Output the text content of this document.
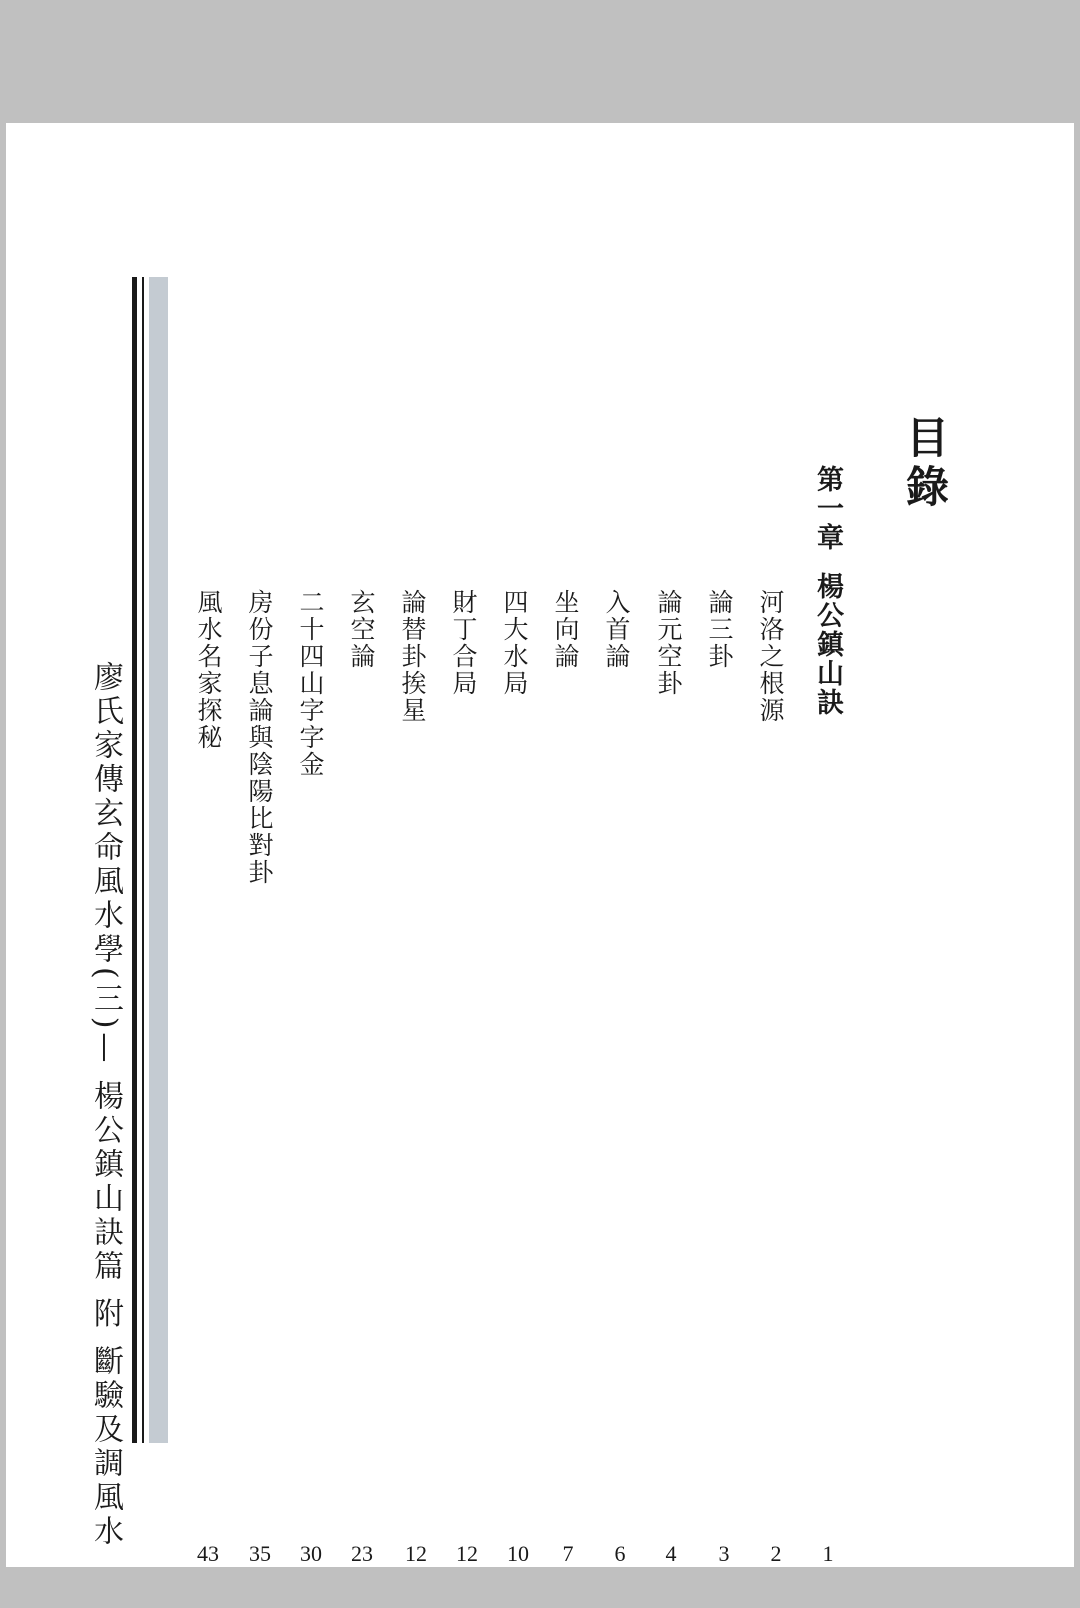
目錄
第一章楊公鎮山訣
河洛之根源
論三卦
論元空卦
入首論
坐向論
四大水局
財丁合局
論替卦挨星
玄空論
二十四山字字金
房份子息論與陰陽比對卦
風水名家探秘
1
2
3
4
6
7
10
12
12
23
30
35
43
廖氏家傳玄命風水學(三)— 楊公鎮山訣篇 附 斷驗及調風水
